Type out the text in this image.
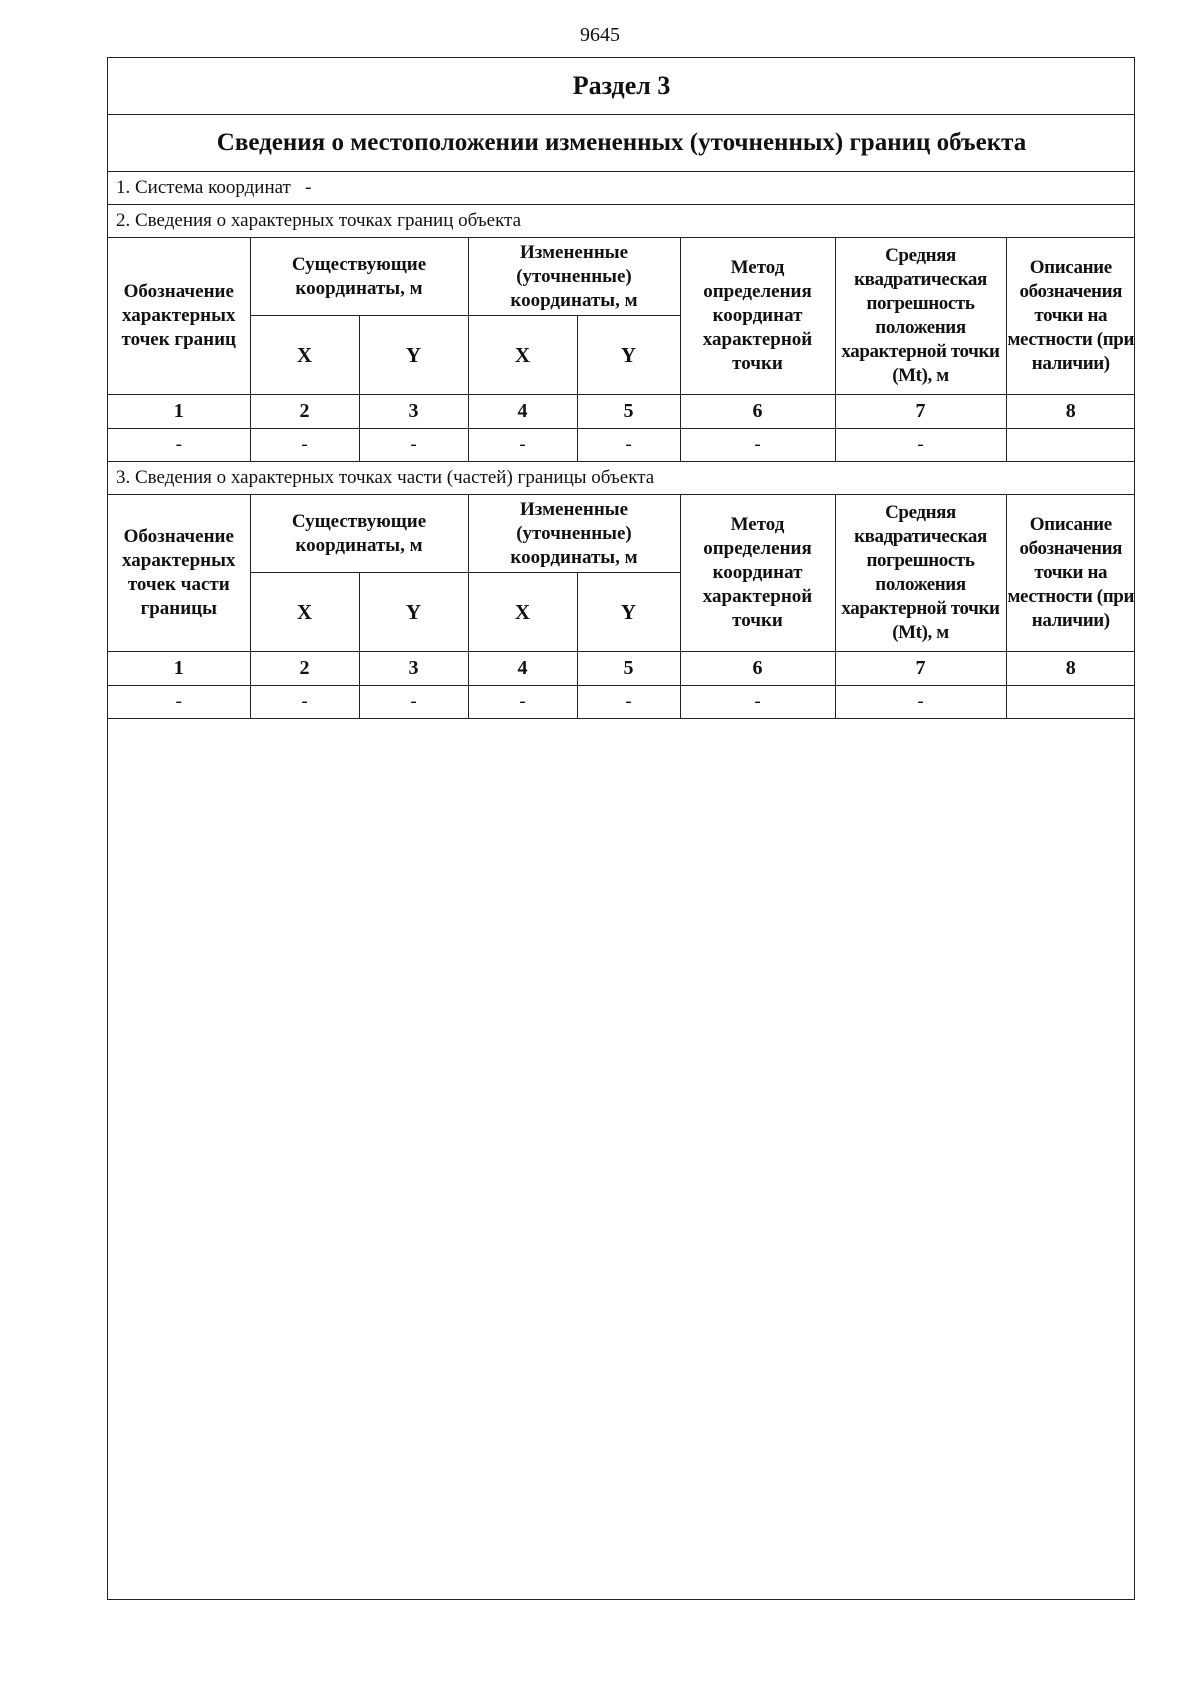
9645
Раздел 3							
Сведения о местоположении измененных (уточненных) границ объекта							
1. Система координат -							
2. Сведения о характерных точках границ объекта							
Обозначение характерных точек границ	Существующие координаты, м		Измененные (уточненные) координаты, м		Метод определения координат характерной точки	Средняя квадратическая погрешность положения характерной точки (Mt), м	Описание обозначения точки на местности (при наличии)
	X	Y	X	Y			
1	2	3	4	5	6	7	8
-	-	-	-	-	-	-	
3. Сведения о характерных точках части (частей) границы объекта							
Обозначение характерных точек части границы	Существующие координаты, м		Измененные (уточненные) координаты, м		Метод определения координат характерной точки	Средняя квадратическая погрешность положения характерной точки (Mt), м	Описание обозначения точки на местности (при наличии)
	X	Y	X	Y			
1	2	3	4	5	6	7	8
-	-	-	-	-	-	-	
